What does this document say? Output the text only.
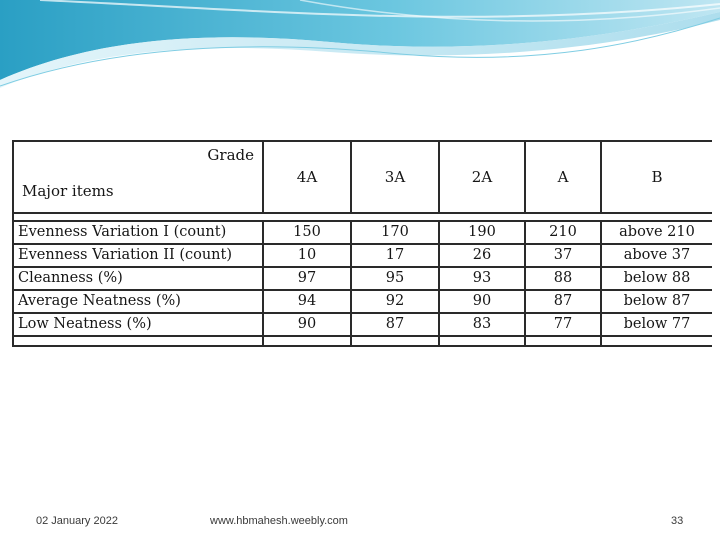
Grade
Major items	4A	3A	2A	A	B

Evenness Variation I (count)	150	170	190	210	above 210
Evenness Variation II (count)	10	17	26	37	above 37
Cleanness (%)	97	95	93	88	below 88
Average Neatness (%)	94	92	90	87	below 87
Low Neatness (%)	90	87	83	77	below 77

02 January 2022	www.hbmahesh.weebly.com	33
